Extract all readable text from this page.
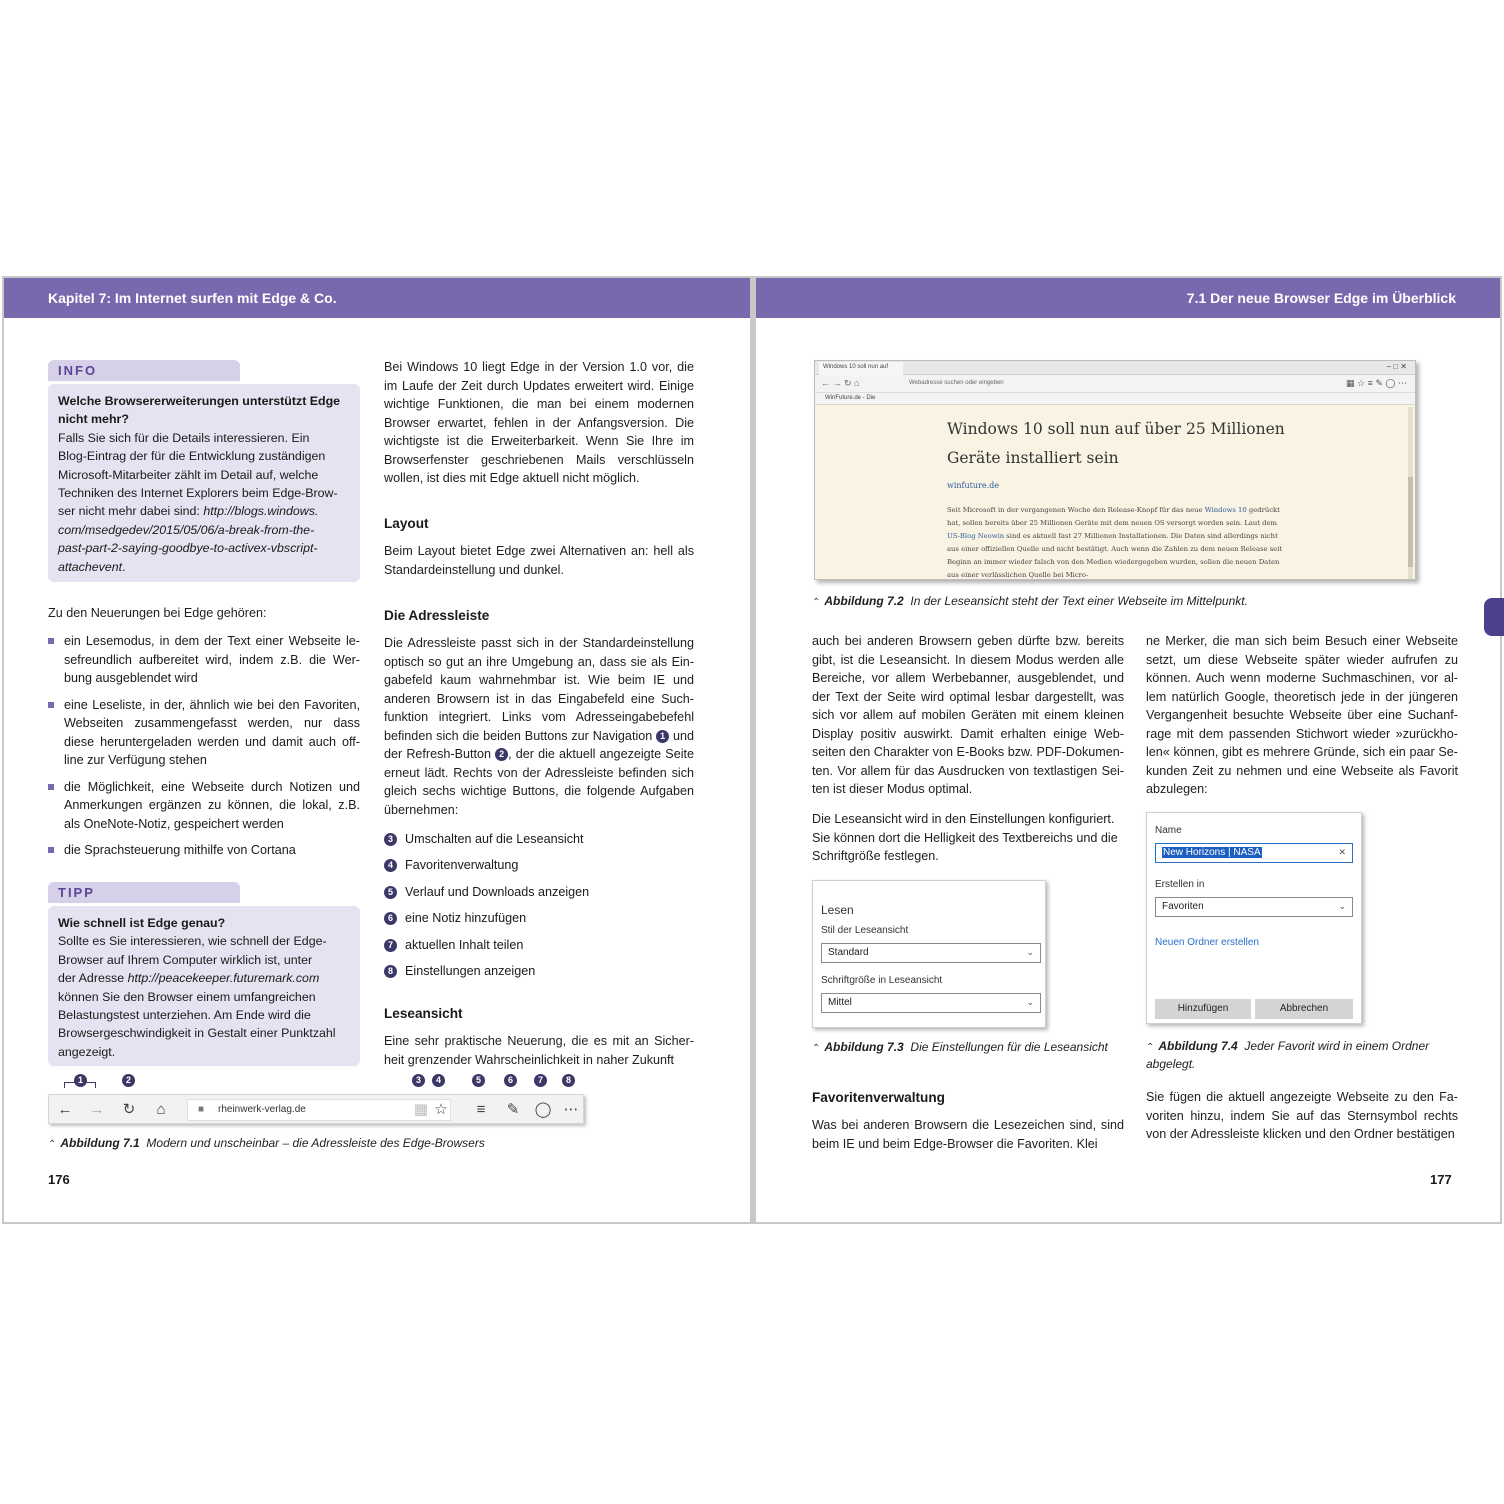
Kapitel 7: Im Internet surfen mit Edge & Co.	7.1 Der neue Browser Edge im Überblick
INFO

Welche Browsererweiterungen unterstützt Edge

nicht mehr?

Falls Sie sich für die Details interessieren. Ein

Blog-Eintrag der für die Entwicklung zuständigen

Microsoft-Mitarbeiter zählt im Detail auf, welche

Techniken des Internet Explorers beim Edge-Brow-

ser nicht mehr dabei sind: http://blogs.windows.

com/msedgedev/2015/05/06/a-break-from-the-

past-part-2-saying-goodbye-to-activex-vbscript-

attachevent.

Zu den Neuerungen bei Edge gehören:
ein Lesemodus, in dem der Text einer Webseite lesefreundlich aufbereitet wird, indem z.B. die Werbung ausgeblendet wird
eine Leseliste, in der, ähnlich wie bei den Favoriten, Webseiten zusammengefasst werden, nur dass diese heruntergeladen werden und damit auch offline zur Verfügung stehen
die Möglichkeit, eine Webseite durch Notizen und Anmerkungen ergänzen zu können, die lokal, z.B. als OneNote-Notiz, gespeichert werden
die Sprachsteuerung mithilfe von Cortana
TIPP

Wie schnell ist Edge genau?

Sollte es Sie interessieren, wie schnell der Edge-

Browser auf Ihrem Computer wirklich ist, unter

der Adresse http://peacekeeper.futuremark.com

können Sie den Browser einem umfangreichen

Belastungstest unterziehen. Am Ende wird die

Browsergeschwindigkeit in Gestalt einer Punktzahl

angezeigt.

1	2	3	4	5	6	7	8
← → ↻	⌂	■ rheinwerk-verlag.de	▦ ☆	≡	✎ ◯ ⋯
⌃ Abbildung 7.1 Modern und unscheinbar – die Adressleiste des Edge-Browsers
Bei Windows 10 liegt Edge in der Version 1.0 vor, die im Laufe der Zeit durch Updates erweitert wird. Einige wichtige Funktionen, die man bei einem modernen Browser erwartet, fehlen in der Anfangsversion. Die wichtigste ist die Erweiterbarkeit. Wenn Sie Ihre im Browserfenster geschriebenen Mails verschlüsseln wollen, ist dies mit Edge aktuell nicht möglich.
Layout
Beim Layout bietet Edge zwei Alternativen an: hell als Standardeinstellung und dunkel.
Die Adressleiste
Die Adressleiste passt sich in der Standardeinstellung optisch so gut an ihre Umgebung an, dass sie als Eingabefeld kaum wahrnehmbar ist. Wie beim IE und anderen Browsern ist in das Eingabefeld eine Suchfunktion integriert. Links vom Adresseingabebefehl befinden sich die beiden Buttons zur Navigation 1 und der Refresh-Button 2 , der die aktuell angezeigte Seite erneut lädt. Rechts von der Adressleiste befinden sich gleich sechs wichtige Buttons, die folgende Aufgaben übernehmen:
3 Umschalten auf die Leseansicht
4 Favoritenverwaltung
5 Verlauf und Downloads anzeigen
6 eine Notiz hinzufügen
7 aktuellen Inhalt teilen
8 Einstellungen anzeigen
Leseansicht
Eine sehr praktische Neuerung, die es mit an Sicherheit grenzender Wahrscheinlichkeit in naher Zukunft
176
Windows 10 soll nun auf	– □ ✕
← → ↻ ⌂	Webadresse suchen oder eingeben	▦ ☆ ≡ ✎ ◯ ⋯
WinFuture.de - Die
Windows 10 soll nun auf über 25 Millionen
Geräte installiert sein
winfuture.de
Seit Microsoft in der vergangenen Woche den Release-Knopf für das neue Windows 10 gedrückt hat, sollen bereits über 25 Millionen Geräte mit dem neuen OS versorgt worden sein. Laut dem US-Blog Neowin sind es aktuell fast 27 Millionen Installationen. Die Daten sind allerdings nicht aus einer offiziellen Quelle und nicht bestätigt. Auch wenn die Zahlen zu dem neuen Release seit Beginn an immer wieder falsch von den Medien wiedergegeben wurden, sollen die neuen Daten aus einer verlässlichen Quelle bei Micro-
⌃ Abbildung 7.2 In der Leseansicht steht der Text einer Webseite im Mittelpunkt.
auch bei anderen Browsern geben dürfte bzw. bereits gibt, ist die Leseansicht. In diesem Modus werden alle Bereiche, vor allem Werbebanner, ausgeblendet, und der Text der Seite wird optimal lesbar dargestellt, was sich vor allem auf mobilen Geräten mit einem kleinen Display positiv auswirkt. Damit erhalten einige Webseiten den Charakter von E-Books bzw. PDF-Dokumenten. Vor allem für das Ausdrucken von textlastigen Seiten ist dieser Modus optimal.
Die Leseansicht wird in den Einstellungen konfiguriert. Sie können dort die Helligkeit des Textbereichs und die Schriftgröße festlegen.
Lesen
Stil der Leseansicht
Standard	⌄
Schriftgröße in Leseansicht
Mittel	⌄
⌃ Abbildung 7.3 Die Einstellungen für die Leseansicht
Favoritenverwaltung
Was bei anderen Browsern die Lesezeichen sind, sind beim IE und beim Edge-Browser die Favoriten. Klei
ne Merker, die man sich beim Besuch einer Webseite setzt, um diese Webseite später wieder aufrufen zu können. Auch wenn moderne Suchmaschinen, vor allem natürlich Google, theoretisch jede in der jüngeren Vergangenheit besuchte Webseite über eine Suchanfrage mit dem passenden Stichwort wieder »zurückholen« können, gibt es mehrere Gründe, sich ein paar Sekunden Zeit zu nehmen und eine Webseite als Favorit abzulegen:
Name
New Horizons | NASA	✕
Erstellen in
Favoriten	⌄
Neuen Ordner erstellen
Hinzufügen	Abbrechen
⌃ Abbildung 7.4 Jeder Favorit wird in einem Ordner
abgelegt.
Sie fügen die aktuell angezeigte Webseite zu den Favoriten hinzu, indem Sie auf das Sternsymbol rechts von der Adressleiste klicken und den Ordner bestätigen
177
